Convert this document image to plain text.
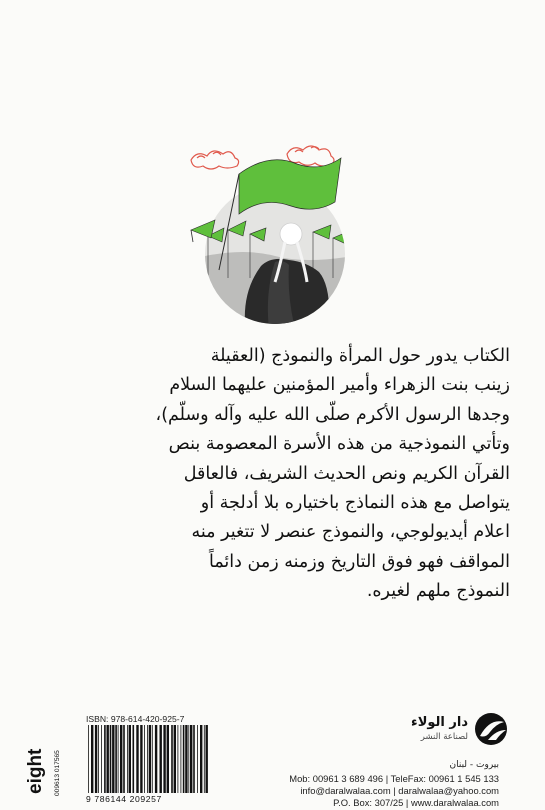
الكتاب يدور حول المرأة والنموذج (العقيلة
زينب بنت الزهراء وأمير المؤمنين عليهما السلام
وجدها الرسول الأكرم صلّى الله عليه وآله وسلّم)،
وتأتي النموذجية من هذه الأسرة المعصومة بنص
القرآن الكريم ونص الحديث الشريف، فالعاقل
يتواصل مع هذه النماذج باختياره بلا أدلجة أو
اعلام أيديولوجي، والنموذج عنصر لا تتغير منه
المواقف فهو فوق التاريخ وزمنه زمن دائماً
النموذج ملهم لغيره.
eight 009613 017565
ISBN: 978-614-420-925-7
9 786144 209257
دار الولاء
لصناعة النشر
بيروت - لبنان
Mob: 00961 3 689 496 | TeleFax: 00961 1 545 133
info@daralwalaa.com | daralwalaa@yahoo.com
P.O. Box: 307/25 | www.daralwalaa.com
